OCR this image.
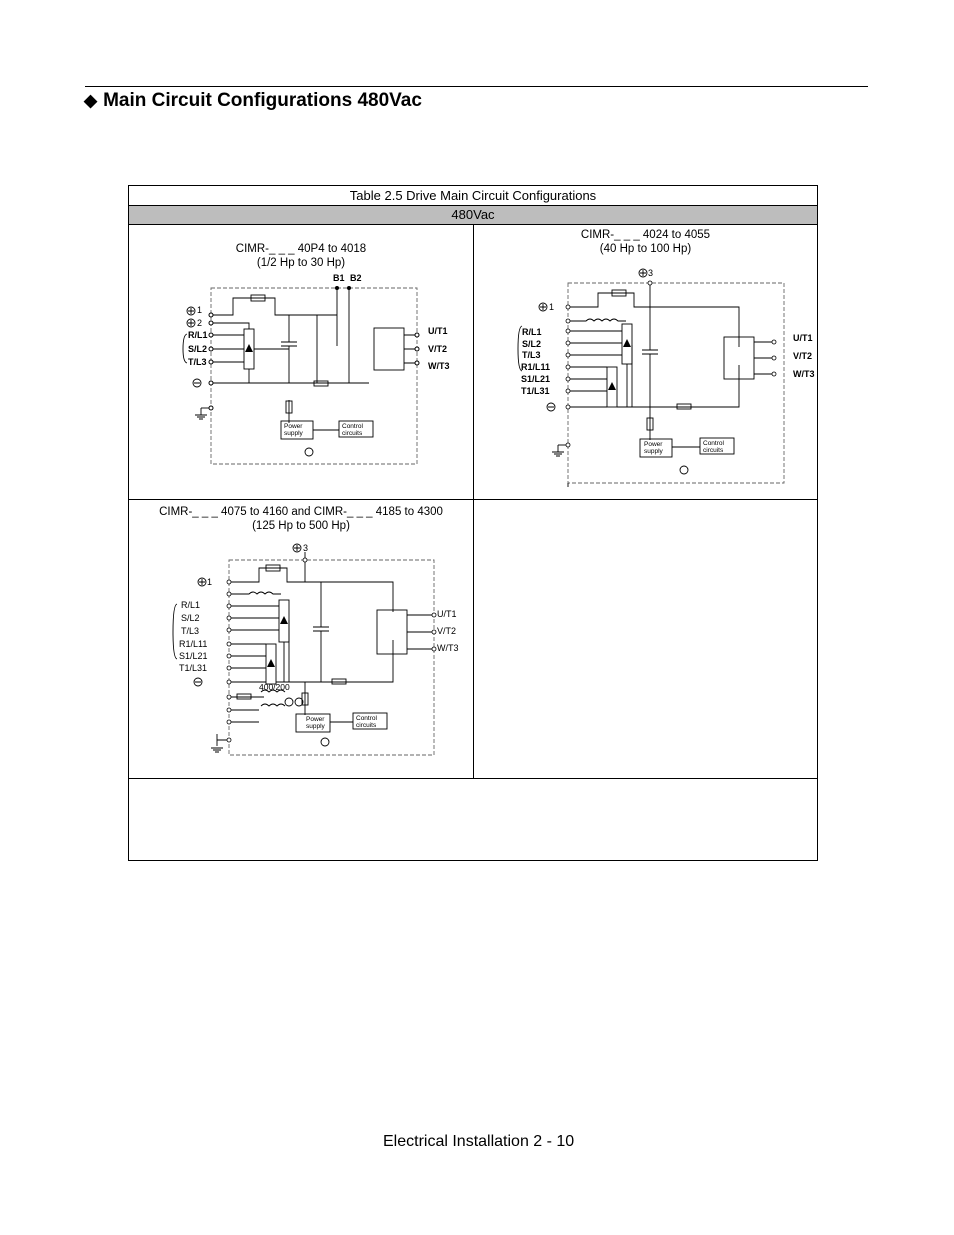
◆ Main Circuit Configurations 480Vac
Table 2.5 Drive Main Circuit Configurations
480Vac
CIMR-_ _ _ 40P4 to 4018
(1/2 Hp to 30 Hp)
B1 B2
1
2
R/L1
S/L2
T/L3
U/T1
V/T2
W/T3
Power
supply
Control
circuits
CIMR-_ _ _ 4024 to 4055
(40 Hp to 100 Hp)
3
1
R/L1
S/L2
T/L3
R1/L11
S1/L21
T1/L31
U/T1
V/T2
W/T3
Power
supply
Control
circuits
CIMR-_ _ _ 4075 to 4160 and CIMR-_ _ _ 4185 to 4300
(125 Hp to 500 Hp)
3
1
R/L1
S/L2
T/L3
R1/L11
S1/L21
T1/L31
U/T1
V/T2
W/T3
400/200
Power
supply
Control
circuits
Electrical Installation 2 - 10
